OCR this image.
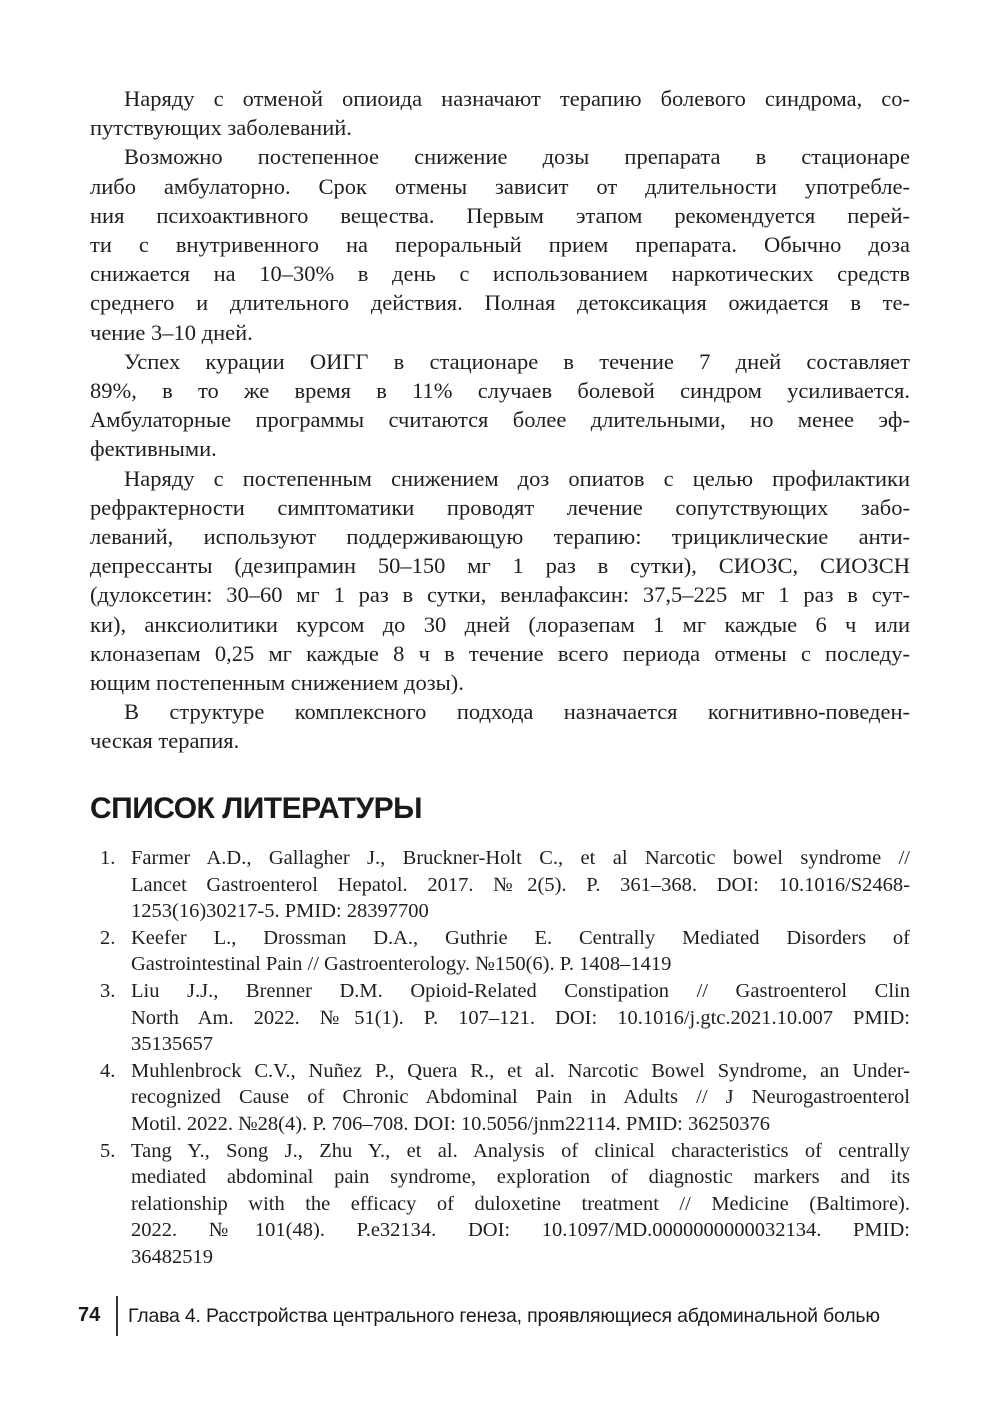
Наряду с отменой опиоида назначают терапию болевого синдрома, со-
путствующих заболеваний.

Возможно постепенное снижение дозы препарата в стационаре
либо амбулаторно. Срок отмены зависит от длительности употребле-
ния психоактивного вещества. Первым этапом рекомендуется перей-
ти с внутривенного на пероральный прием препарата. Обычно доза
снижается на 10–30% в день с использованием наркотических средств
среднего и длительного действия. Полная детоксикация ожидается в те-
чение 3–10 дней.

Успех курации ОИГГ в стационаре в течение 7 дней составляет
89%, в то же время в 11% случаев болевой синдром усиливается.
Амбулаторные программы считаются более длительными, но менее эф-
фективными.

Наряду с постепенным снижением доз опиатов с целью профилактики
рефрактерности симптоматики проводят лечение сопутствующих забо-
леваний, используют поддерживающую терапию: трициклические анти-
депрессанты (дезипрамин 50–150 мг 1 раз в сутки), СИОЗС, СИОЗСН
(дулоксетин: 30–60 мг 1 раз в сутки, венлафаксин: 37,5–225 мг 1 раз в сут-
ки), анксиолитики курсом до 30 дней (лоразепам 1 мг каждые 6 ч или
клоназепам 0,25 мг каждые 8 ч в течение всего периода отмены с последу-
ющим постепенным снижением дозы).

В структуре комплексного подхода назначается когнитивно-поведен-
ческая терапия.

СПИСОК ЛИТЕРАТУРЫ
1. Farmer A.D., Gallagher J., Bruckner-Holt C., et al Narcotic bowel syndrome //
Lancet Gastroenterol Hepatol. 2017. №2(5). P. 361–368. DOI: 10.1016/S2468-
1253(16)30217-5. PMID: 28397700
2. Keefer L., Drossman D.A., Guthrie E. Centrally Mediated Disorders of
Gastrointestinal Pain // Gastroenterology. №150(6). P. 1408–1419
3. Liu J.J., Brenner D.M. Opioid-Related Constipation // Gastroenterol Clin
North Am. 2022. №51(1). P. 107–121. DOI: 10.1016/j.gtc.2021.10.007 PMID:
35135657
4. Muhlenbrock C.V., Nuñez P., Quera R., et al. Narcotic Bowel Syndrome, an Under-
recognized Cause of Chronic Abdominal Pain in Adults // J Neurogastroenterol
Motil. 2022. №28(4). P. 706–708. DOI: 10.5056/jnm22114. PMID: 36250376
5. Tang Y., Song J., Zhu Y., et al. Analysis of clinical characteristics of centrally
mediated abdominal pain syndrome, exploration of diagnostic markers and its
relationship with the efficacy of duloxetine treatment // Medicine (Baltimore).
2022. №101(48). P.e32134. DOI: 10.1097/MD.0000000000032134. PMID:
36482519
74 Глава 4. Расстройства центрального генеза, проявляющиеся абдоминальной болью
